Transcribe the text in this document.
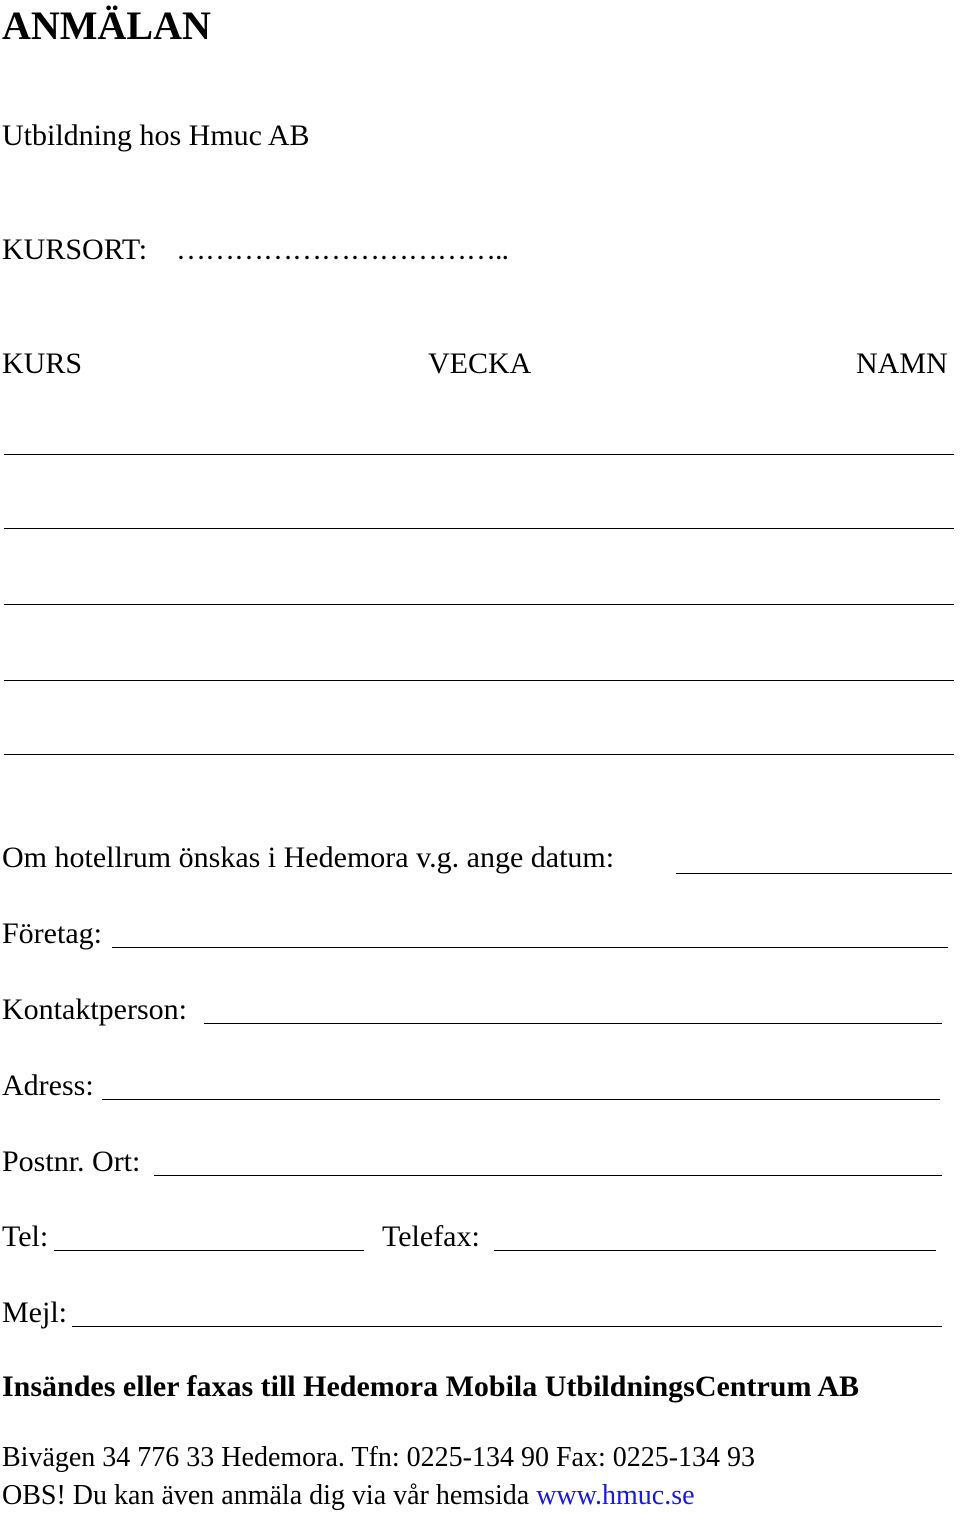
ANMÄLAN
Utbildning hos Hmuc AB
KURSORT: ……………………………..
KURS	VECKA	NAMN
Om hotellrum önskas i Hedemora v.g. ange datum:
Företag:
Kontaktperson:
Adress:
Postnr. Ort:
Tel:	Telefax:
Mejl:
Insändes eller faxas till Hedemora Mobila UtbildningsCentrum AB
Bivägen 34 776 33 Hedemora. Tfn: 0225-134 90 Fax: 0225-134 93
OBS! Du kan även anmäla dig via vår hemsida www.hmuc.se
